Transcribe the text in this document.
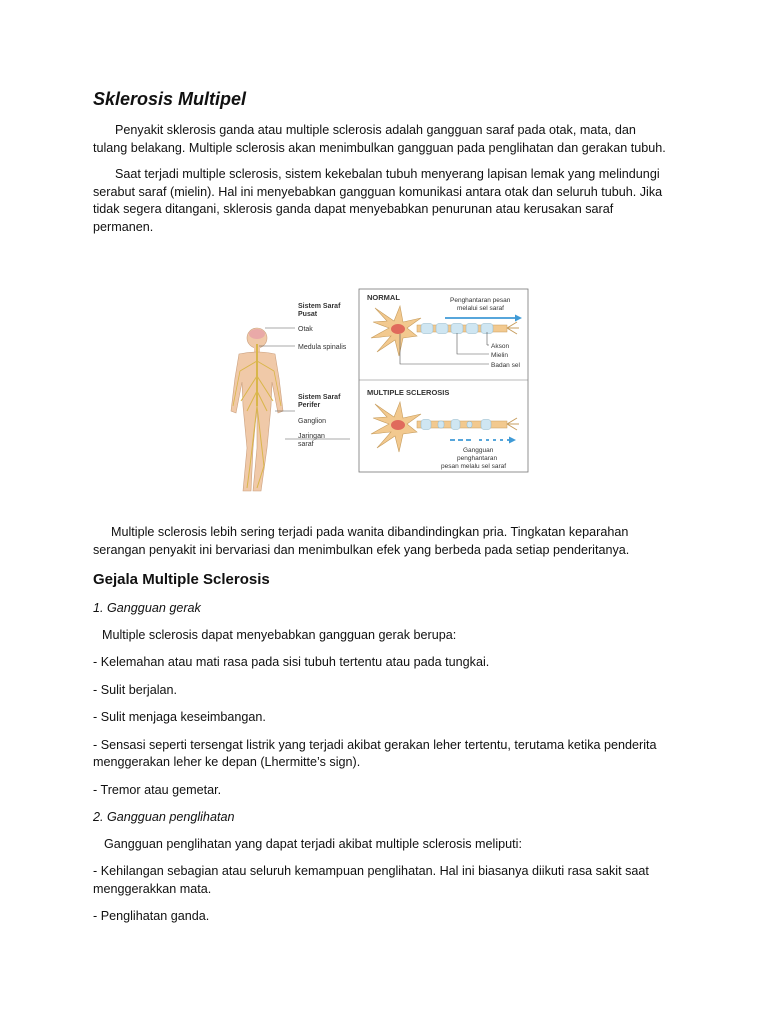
Sklerosis Multipel

Penyakit sklerosis ganda atau multiple sclerosis adalah gangguan saraf pada otak, mata, dan tulang belakang. Multiple sclerosis akan menimbulkan gangguan pada penglihatan dan gerakan tubuh.

Saat terjadi multiple sclerosis, sistem kekebalan tubuh menyerang lapisan lemak yang melindungi serabut saraf (mielin). Hal ini menyebabkan gangguan komunikasi antara otak dan seluruh tubuh. Jika tidak segera ditangani, sklerosis ganda dapat menyebabkan penurunan atau kerusakan saraf permanen.

Sistem Saraf
Pusat
Otak
Medula spinalis
Sistem Saraf
Perifer
Ganglion
Jaringan
saraf
NORMAL	Penghantaran pesan
melalui sel saraf
Akson
Mielin
Badan sel
MULTIPLE SCLEROSIS
Gangguan
penghantaran
pesan melalu sel saraf

Multiple sclerosis lebih sering terjadi pada wanita dibandindingkan pria. Tingkatan keparahan serangan penyakit ini bervariasi dan menimbulkan efek yang berbeda pada setiap penderitanya.

Gejala Multiple Sclerosis
1. Gangguan gerak

Multiple sclerosis dapat menyebabkan gangguan gerak berupa:

- Kelemahan atau mati rasa pada sisi tubuh tertentu atau pada tungkai.

- Sulit berjalan.

- Sulit menjaga keseimbangan.

- Sensasi seperti tersengat listrik yang terjadi akibat gerakan leher tertentu, terutama ketika penderita menggerakan leher ke depan (Lhermitte’s sign).

- Tremor atau gemetar.

2. Gangguan penglihatan

Gangguan penglihatan yang dapat terjadi akibat multiple sclerosis meliputi:

- Kehilangan sebagian atau seluruh kemampuan penglihatan. Hal ini biasanya diikuti rasa sakit saat menggerakkan mata.

- Penglihatan ganda.
